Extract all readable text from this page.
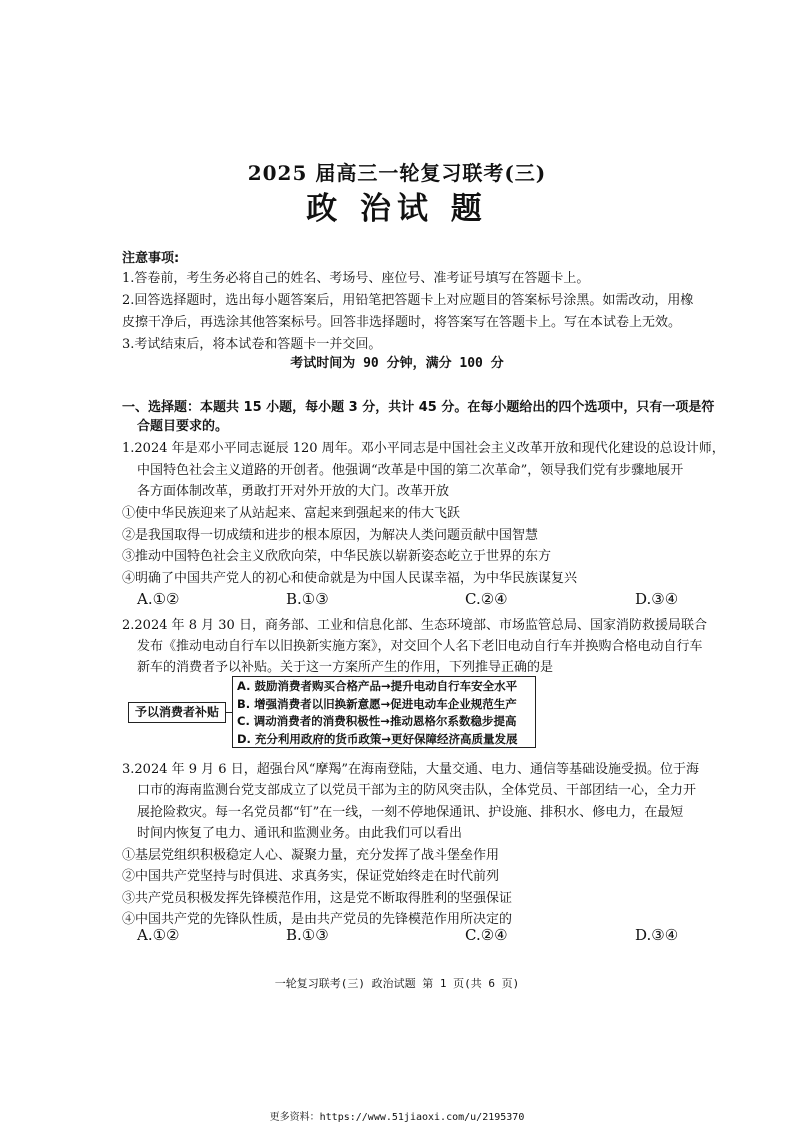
2025 届高三一轮复习联考(三)
政 治试 题
注意事项:
1.答卷前，考生务必将自己的姓名、考场号、座位号、准考证号填写在答题卡上。
2.回答选择题时，选出每小题答案后，用铅笔把答题卡上对应题目的答案标号涂黑。如需改动，用橡
皮擦干净后，再选涂其他答案标号。回答非选择题时，将答案写在答题卡上。写在本试卷上无效。
3.考试结束后，将本试卷和答题卡一并交回。
考试时间为 90 分钟，满分 100 分
一、选择题：本题共 15 小题，每小题 3 分，共计 45 分。在每小题给出的四个选项中，只有一项是符
合题目要求的。
1.2024 年是邓小平同志诞辰 120 周年。邓小平同志是中国社会主义改革开放和现代化建设的总设计师，
中国特色社会主义道路的开创者。他强调“改革是中国的第二次革命”，领导我们党有步骤地展开
各方面体制改革，勇敢打开对外开放的大门。改革开放
①使中华民族迎来了从站起来、富起来到强起来的伟大飞跃
②是我国取得一切成绩和进步的根本原因，为解决人类问题贡献中国智慧
③推动中国特色社会主义欣欣向荣，中华民族以崭新姿态屹立于世界的东方
④明确了中国共产党人的初心和使命就是为中国人民谋幸福，为中华民族谋复兴
A.①②	B.①③	C.②④	D.③④
2.2024 年 8 月 30 日，商务部、工业和信息化部、生态环境部、市场监管总局、国家消防救援局联合
发布《推动电动自行车以旧换新实施方案》，对交回个人名下老旧电动自行车并换购合格电动自行车
新车的消费者予以补贴。关于这一方案所产生的作用，下列推导正确的是
予以消费者补贴
A. 鼓励消费者购买合格产品→提升电动自行车安全水平
B. 增强消费者以旧换新意愿→促进电动车企业规范生产
C. 调动消费者的消费积极性→推动恩格尔系数稳步提高
D. 充分利用政府的货币政策→更好保障经济高质量发展
3.2024 年 9 月 6 日，超强台风“摩羯”在海南登陆，大量交通、电力、通信等基础设施受损。位于海
口市的海南监测台党支部成立了以党员干部为主的防风突击队，全体党员、干部团结一心，全力开
展抢险救灾。每一名党员都“钉”在一线，一刻不停地保通讯、护设施、排积水、修电力，在最短
时间内恢复了电力、通讯和监测业务。由此我们可以看出
①基层党组织积极稳定人心、凝聚力量，充分发挥了战斗堡垒作用
②中国共产党坚持与时俱进、求真务实，保证党始终走在时代前列
③共产党员积极发挥先锋模范作用，这是党不断取得胜利的坚强保证
④中国共产党的先锋队性质，是由共产党员的先锋模范作用所决定的
A.①②	B.①③	C.②④	D.③④
一轮复习联考(三) 政治试题 第 1 页(共 6 页)
更多资料：https://www.51jiaoxi.com/u/2195370
